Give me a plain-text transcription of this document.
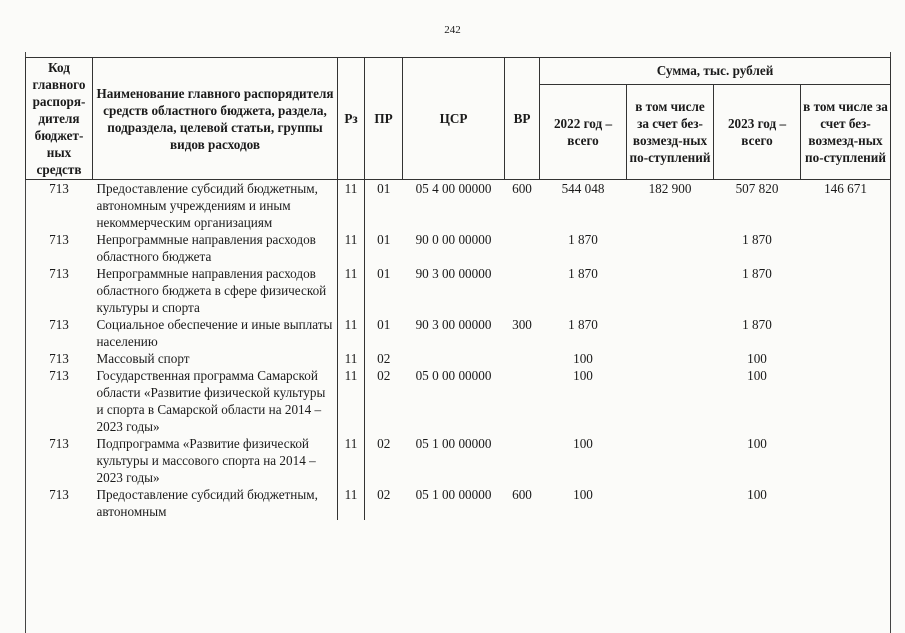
242
Код главного распоря-дителя бюджет-ных средств	Наименование главного распорядителя средств областного бюджета, раздела, подраздела, целевой статьи, группы видов расходов	Рз	ПР	ЦСР	ВР	Сумма, тыс. рублей			
						2022 год – всего	в том числе за счет без-возмезд-ных по-ступлений	2023 год – всего	в том числе за счет без-возмезд-ных по-ступлений
713	Предоставление субсидий бюджетным, автономным учреждениям и иным некоммерческим организациям	11	01	05 4 00 00000	600	544 048	182 900	507 820	146 671
713	Непрограммные направления расходов областного бюджета	11	01	90 0 00 00000		1 870		1 870	
713	Непрограммные направления расходов областного бюджета в сфере физической культуры и спорта	11	01	90 3 00 00000		1 870		1 870	
713	Социальное обеспечение и иные выплаты населению	11	01	90 3 00 00000	300	1 870		1 870	
713	Массовый спорт	11	02			100		100	
713	Государственная программа Самарской области «Развитие физической культуры и спорта в Самарской области на 2014 – 2023 годы»	11	02	05 0 00 00000		100		100	
713	Подпрограмма «Развитие физической культуры и массового спорта на 2014 – 2023 годы»	11	02	05 1 00 00000		100		100	
713	Предоставление субсидий бюджетным, автономным	11	02	05 1 00 00000	600	100		100	
